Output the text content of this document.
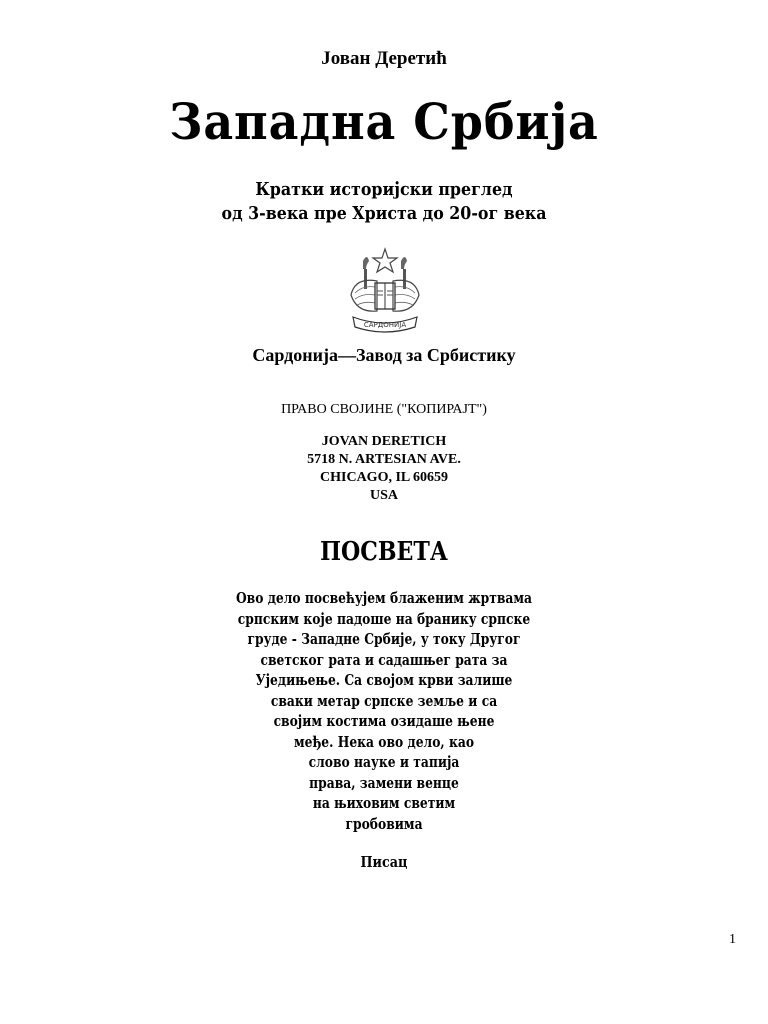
Јован Деретић
Западна Србија
Кратки историјски преглед
од 3-века пре Христа до 20-ог века
САРДОНИЈА
Сардонија—Завод за Србистику
ПРАВО СВОЈИНЕ ("КОПИРАЈТ")
JOVAN DERETICH
5718 N. ARTESIAN AVE.
CHICAGO, IL 60659
USA
ПОСВЕТА
Ово дело посвећујем блаженим жртвама
српским које падоше на бранику српске
груде - Западне Србије, у току Другог
светског рата и садашњег рата за
Уједињење. Са својом крви залише
сваки метар српске земље и са
својим костима озидаше њене
међе. Нека ово дело, као
слово науке и тапија
права, замени венце
на њиховим светим
гробовима
Писац
1
